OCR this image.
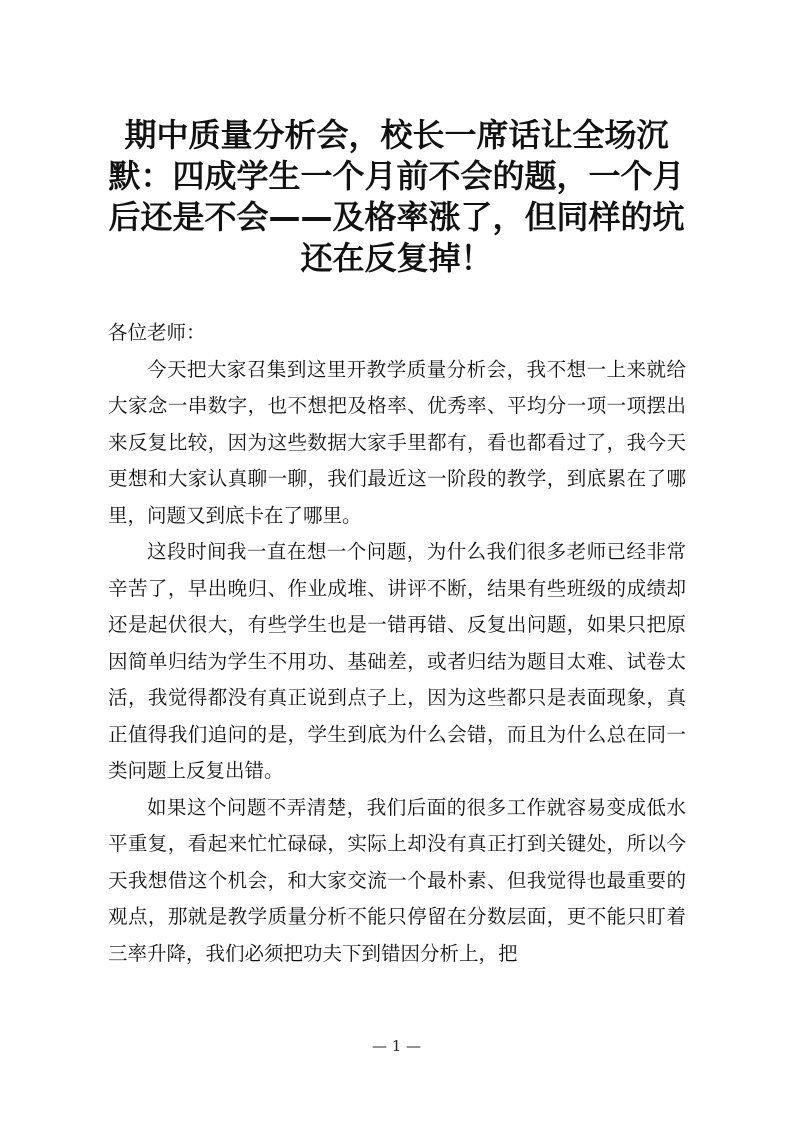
期中质量分析会，校长一席话让全场沉默：四成学生一个月前不会的题，一个月后还是不会——及格率涨了，但同样的坑还在反复掉！

各位老师：

今天把大家召集到这里开教学质量分析会，我不想一上来就给大家念一串数字，也不想把及格率、优秀率、平均分一项一项摆出来反复比较，因为这些数据大家手里都有，看也都看过了，我今天更想和大家认真聊一聊，我们最近这一阶段的教学，到底累在了哪里，问题又到底卡在了哪里。

这段时间我一直在想一个问题，为什么我们很多老师已经非常辛苦了，早出晚归、作业成堆、讲评不断，结果有些班级的成绩却还是起伏很大，有些学生也是一错再错、反复出问题，如果只把原因简单归结为学生不用功、基础差，或者归结为题目太难、试卷太活，我觉得都没有真正说到点子上，因为这些都只是表面现象，真正值得我们追问的是，学生到底为什么会错，而且为什么总在同一类问题上反复出错。

如果这个问题不弄清楚，我们后面的很多工作就容易变成低水平重复，看起来忙忙碌碌，实际上却没有真正打到关键处，所以今天我想借这个机会，和大家交流一个最朴素、但我觉得也最重要的观点，那就是教学质量分析不能只停留在分数层面，更不能只盯着三率升降，我们必须把功夫下到错因分析上，把

— 1 —
